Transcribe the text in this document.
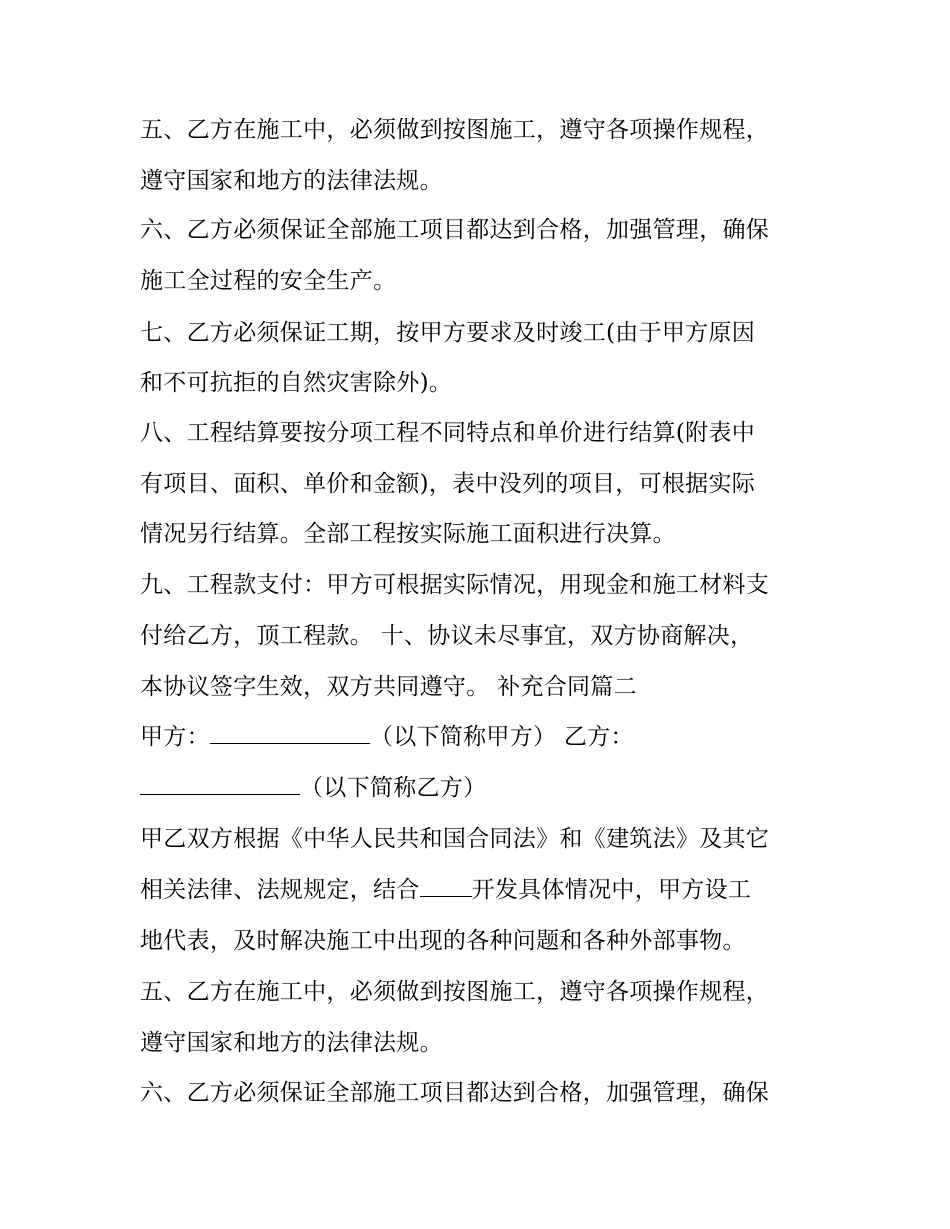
五、乙方在施工中，必须做到按图施工，遵守各项操作规程，
遵守国家和地方的法律法规。
六、乙方必须保证全部施工项目都达到合格，加强管理，确保
施工全过程的安全生产。
七、乙方必须保证工期，按甲方要求及时竣工(由于甲方原因
和不可抗拒的自然灾害除外)。
八、工程结算要按分项工程不同特点和单价进行结算(附表中
有项目、面积、单价和金额)，表中没列的项目，可根据实际
情况另行结算。全部工程按实际施工面积进行决算。
九、工程款支付：甲方可根据实际情况，用现金和施工材料支
付给乙方，顶工程款。 十、协议未尽事宜，双方协商解决，
本协议签字生效，双方共同遵守。 补充合同篇二
甲方：	（以下简称甲方） 乙方：
（以下简称乙方）
甲乙双方根据《中华人民共和国合同法》和《建筑法》及其它
相关法律、法规规定，结合 开发具体情况中，甲方设工
地代表，及时解决施工中出现的各种问题和各种外部事物。
五、乙方在施工中，必须做到按图施工，遵守各项操作规程，
遵守国家和地方的法律法规。
六、乙方必须保证全部施工项目都达到合格，加强管理，确保
